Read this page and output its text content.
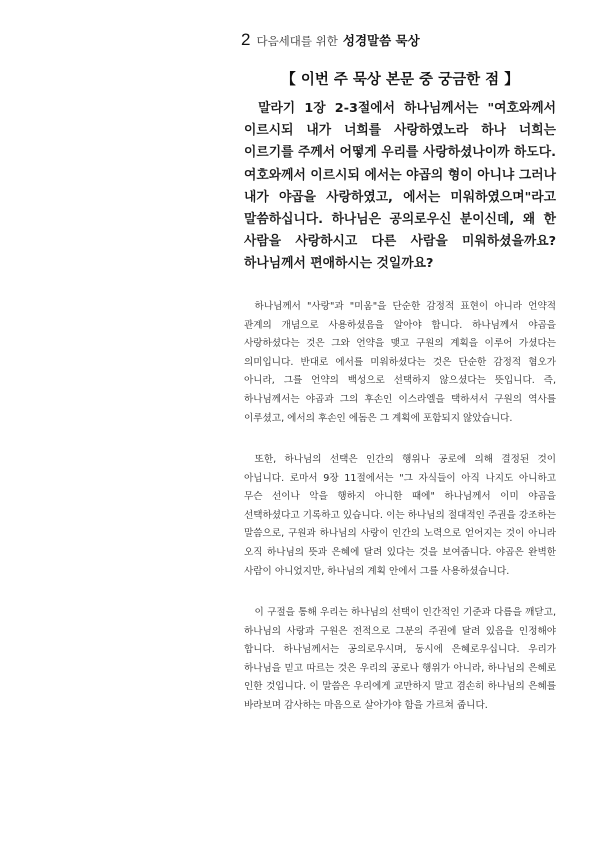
2 다음세대를 위한 성경말씀 묵상
【 이번 주 묵상 본문 중 궁금한 점 】

말라기 1장 2-3절에서 하나님께서는 "여호와께서 이르시되 내가 너희를 사랑하였노라 하나 너희는 이르기를 주께서 어떻게 우리를 사랑하셨나이까 하도다. 여호와께서 이르시되 에서는 야곱의 형이 아니냐 그러나 내가 야곱을 사랑하였고, 에서는 미워하였으며"라고 말씀하십니다. 하나님은 공의로우신 분이신데, 왜 한 사람을 사랑하시고 다른 사람을 미워하셨을까요? 하나님께서 편애하시는 것일까요?

하나님께서 "사랑"과 "미움"을 단순한 감정적 표현이 아니라 언약적 관계의 개념으로 사용하셨음을 알아야 합니다. 하나님께서 야곱을 사랑하셨다는 것은 그와 언약을 맺고 구원의 계획을 이루어 가셨다는 의미입니다. 반대로 에서를 미워하셨다는 것은 단순한 감정적 혐오가 아니라, 그를 언약의 백성으로 선택하지 않으셨다는 뜻입니다. 즉, 하나님께서는 야곱과 그의 후손인 이스라엘을 택하셔서 구원의 역사를 이루셨고, 에서의 후손인 에돔은 그 계획에 포함되지 않았습니다.

또한, 하나님의 선택은 인간의 행위나 공로에 의해 결정된 것이 아닙니다. 로마서 9장 11절에서는 "그 자식들이 아직 나지도 아니하고 무슨 선이나 악을 행하지 아니한 때에" 하나님께서 이미 야곱을 선택하셨다고 기록하고 있습니다. 이는 하나님의 절대적인 주권을 강조하는 말씀으로, 구원과 하나님의 사랑이 인간의 노력으로 얻어지는 것이 아니라 오직 하나님의 뜻과 은혜에 달려 있다는 것을 보여줍니다. 야곱은 완벽한 사람이 아니었지만, 하나님의 계획 안에서 그를 사용하셨습니다.

이 구절을 통해 우리는 하나님의 선택이 인간적인 기준과 다름을 깨닫고, 하나님의 사랑과 구원은 전적으로 그분의 주권에 달려 있음을 인정해야 합니다. 하나님께서는 공의로우시며, 동시에 은혜로우십니다. 우리가 하나님을 믿고 따르는 것은 우리의 공로나 행위가 아니라, 하나님의 은혜로 인한 것입니다. 이 말씀은 우리에게 교만하지 말고 겸손히 하나님의 은혜를 바라보며 감사하는 마음으로 살아가야 함을 가르쳐 줍니다.
